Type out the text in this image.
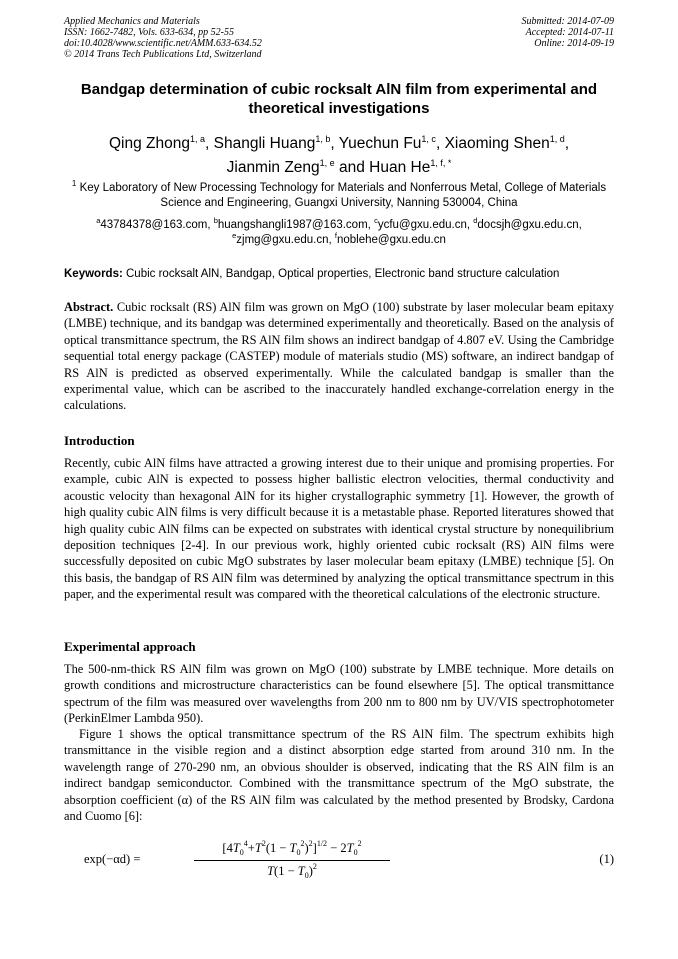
Applied Mechanics and Materials
ISSN: 1662-7482, Vols. 633-634, pp 52-55
doi:10.4028/www.scientific.net/AMM.633-634.52
© 2014 Trans Tech Publications Ltd, Switzerland
Submitted: 2014-07-09
Accepted: 2014-07-11
Online: 2014-09-19
Bandgap determination of cubic rocksalt AlN film from experimental and theoretical investigations
Qing Zhong$^{1, a}$, Shangli Huang$^{1, b}$, Yuechun Fu$^{1, c}$, Xiaoming Shen$^{1, d}$,
Jianmin Zeng$^{1, e}$ and Huan $He^{1, f, *}$
$^1$ Key Laboratory of New Processing Technology for Materials and Nonferrous Metal, College of Materials Science and Engineering, Guangxi University, Nanning 530004, China
$^a$43784378@163.com, $^b$huangshangli1987@163.com, $^c$ycfu@gxu.edu.cn, $^d$docsjh@gxu.edu.cn,
$^e$zjmg@gxu.edu.cn, $^f$noblehe@gxu.edu.cn
Keywords: Cubic rocksalt AlN, Bandgap, Optical properties, Electronic band structure calculation
Abstract. Cubic rocksalt (RS) AlN film was grown on MgO (100) substrate by laser molecular beam epitaxy (LMBE) technique, and its bandgap was determined experimentally and theoretically. Based on the analysis of optical transmittance spectrum, the RS AlN film shows an indirect bandgap of 4.807 eV. Using the Cambridge sequential total energy package (CASTEP) module of materials studio (MS) software, an indirect bandgap of RS AlN is predicted as observed experimentally. While the calculated bandgap is smaller than the experimental value, which can be ascribed to the inaccurately handled exchange-correlation energy in the calculations.
Introduction
Recently, cubic AlN films have attracted a growing interest due to their unique and promising properties. For example, cubic AlN is expected to possess higher ballistic electron velocities, thermal conductivity and acoustic velocity than hexagonal AlN for its higher crystallographic symmetry [1]. However, the growth of high quality cubic AlN films is very difficult because it is a metastable phase. Reported literatures showed that high quality cubic AlN films can be expected on substrates with identical crystal structure by nonequilibrium deposition techniques [2-4]. In our previous work, highly oriented cubic rocksalt (RS) AlN films were successfully deposited on cubic MgO substrates by laser molecular beam epitaxy (LMBE) technique [5]. On this basis, the bandgap of RS AlN film was determined by analyzing the optical transmittance spectrum in this paper, and the experimental result was compared with the theoretical calculations of the electronic structure.
Experimental approach
The 500-nm-thick RS AlN film was grown on MgO (100) substrate by LMBE technique. More details on growth conditions and microstructure characteristics can be found elsewhere [5]. The optical transmittance spectrum of the film was measured over wavelengths from 200 nm to 800 nm by UV/VIS spectrophotometer (PerkinElmer Lambda 950).
Figure 1 shows the optical transmittance spectrum of the RS AlN film. The spectrum exhibits high transmittance in the visible region and a distinct absorption edge started from around 310 nm. In the wavelength range of 270-290 nm, an obvious shoulder is observed, indicating that the RS AlN film is an indirect bandgap semiconductor. Combined with the transmittance spectrum of the MgO substrate, the absorption coefficient (α) of the RS AlN film was calculated by the method presented by Brodsky, Cardona and Cuomo [6]:
exp(−αd) =
$[4T_0^4+T^2(1 - T_0^2)^2]^{1/2} - 2T_0^2$
$T(1 - T_0)^2$
(1)
